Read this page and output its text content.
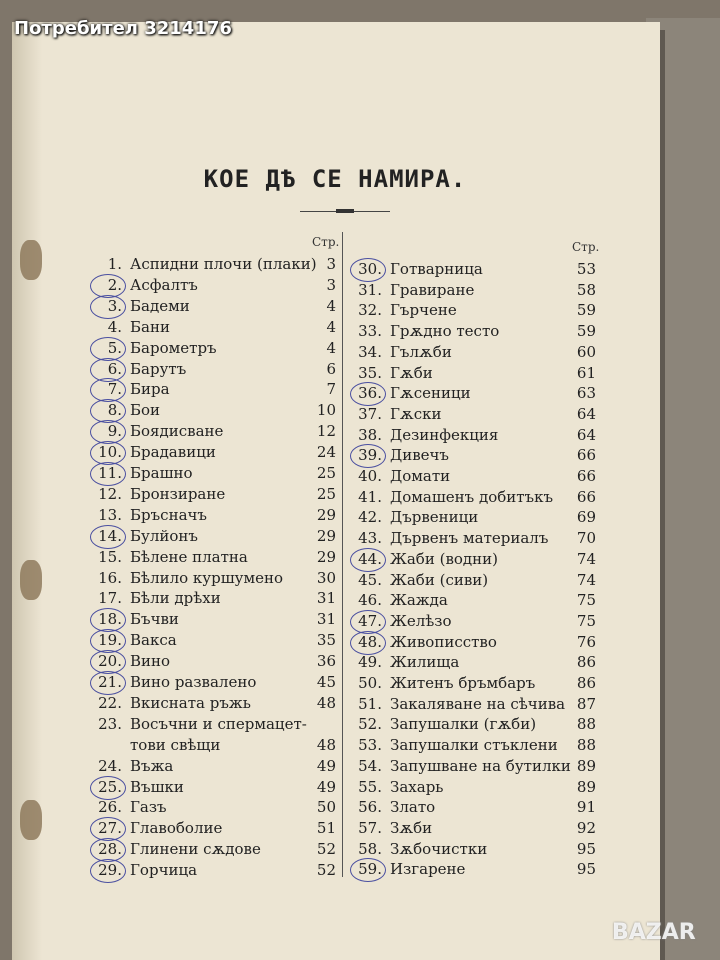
Потребител 3214176
КОЕ ДѢ СЕ НАМИРА.
Стр.	Стр.
1. Аспидни плочи (плаки) 3
2. Асфалтъ	3
3. Бадеми	4
4. Бани	4
5. Барометръ	4
6. Барутъ	6
7. Бира	7
8. Бои	10
9. Боядисване	12
10. Брадавици	24
11. Брашно	25
12. Бронзиране	25
13. Бръсначъ	29
14. Булйонъ	29
15. Бѣлене платна	29
16. Бѣлило куршумено	30
17. Бѣли дрѣхи	31
18. Бъчви	31
19. Вакса	35
20. Вино	36
21. Вино развалено	45
22. Вкисната ръжь	48
23. Восъчни и спермацет-
тови свѣщи	48
24. Въжа	49
25. Въшки	49
26. Газъ	50
27. Главоболие	51
28. Глинени сѫдове	52
29. Горчица	52
30. Готварница	53
31. Гравиране	58
32. Гърчене	59
33. Грѫдно тесто	59
34. Гълѫби	60
35. Гѫби	61
36. Гѫсеници	63
37. Гѫски	64
38. Дезинфекция	64
39. Дивечъ	66
40. Домати	66
41. Домашенъ добитъкъ	66
42. Дървеници	69
43. Дървенъ материалъ	70
44. Жаби (водни)	74
45. Жаби (сиви)	74
46. Жажда	75
47. Желѣзо	75
48. Живописство	76
49. Жилища	86
50. Житенъ бръмбаръ	86
51. Закаляване на сѣчива 87
52. Запушалки (гѫби)	88
53. Запушалки стъклени	88
54. Запушване на бутилки 89
55. Захарь	89
56. Злато	91
57. Зѫби	92
58. Зѫбочистки	95
59. Изгарене	95
BAZAR
